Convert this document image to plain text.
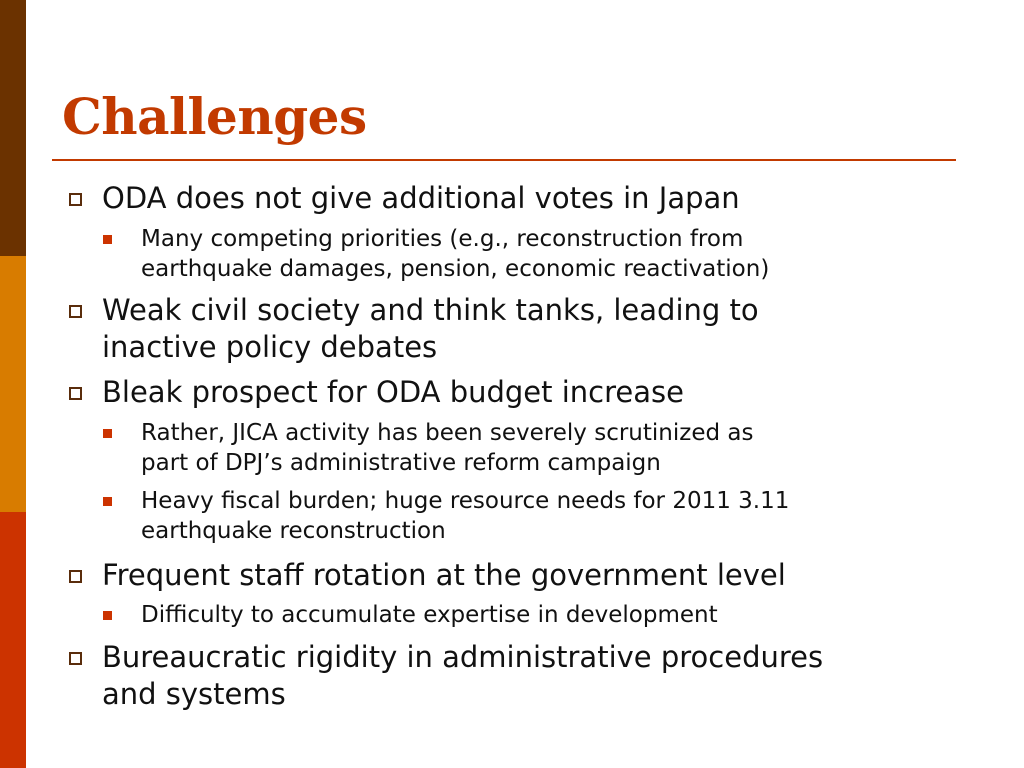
Challenges
ODA does not give additional votes in Japan
Many competing priorities (e.g., reconstruction from
earthquake damages, pension, economic reactivation)
Weak civil society and think tanks, leading to
inactive policy debates
Bleak prospect for ODA budget increase
Rather, JICA activity has been severely scrutinized as
part of DPJ’s administrative reform campaign
Heavy fiscal burden; huge resource needs for 2011 3.11
earthquake reconstruction
Frequent staff rotation at the government level
Difficulty to accumulate expertise in development
Bureaucratic rigidity in administrative procedures
and systems
